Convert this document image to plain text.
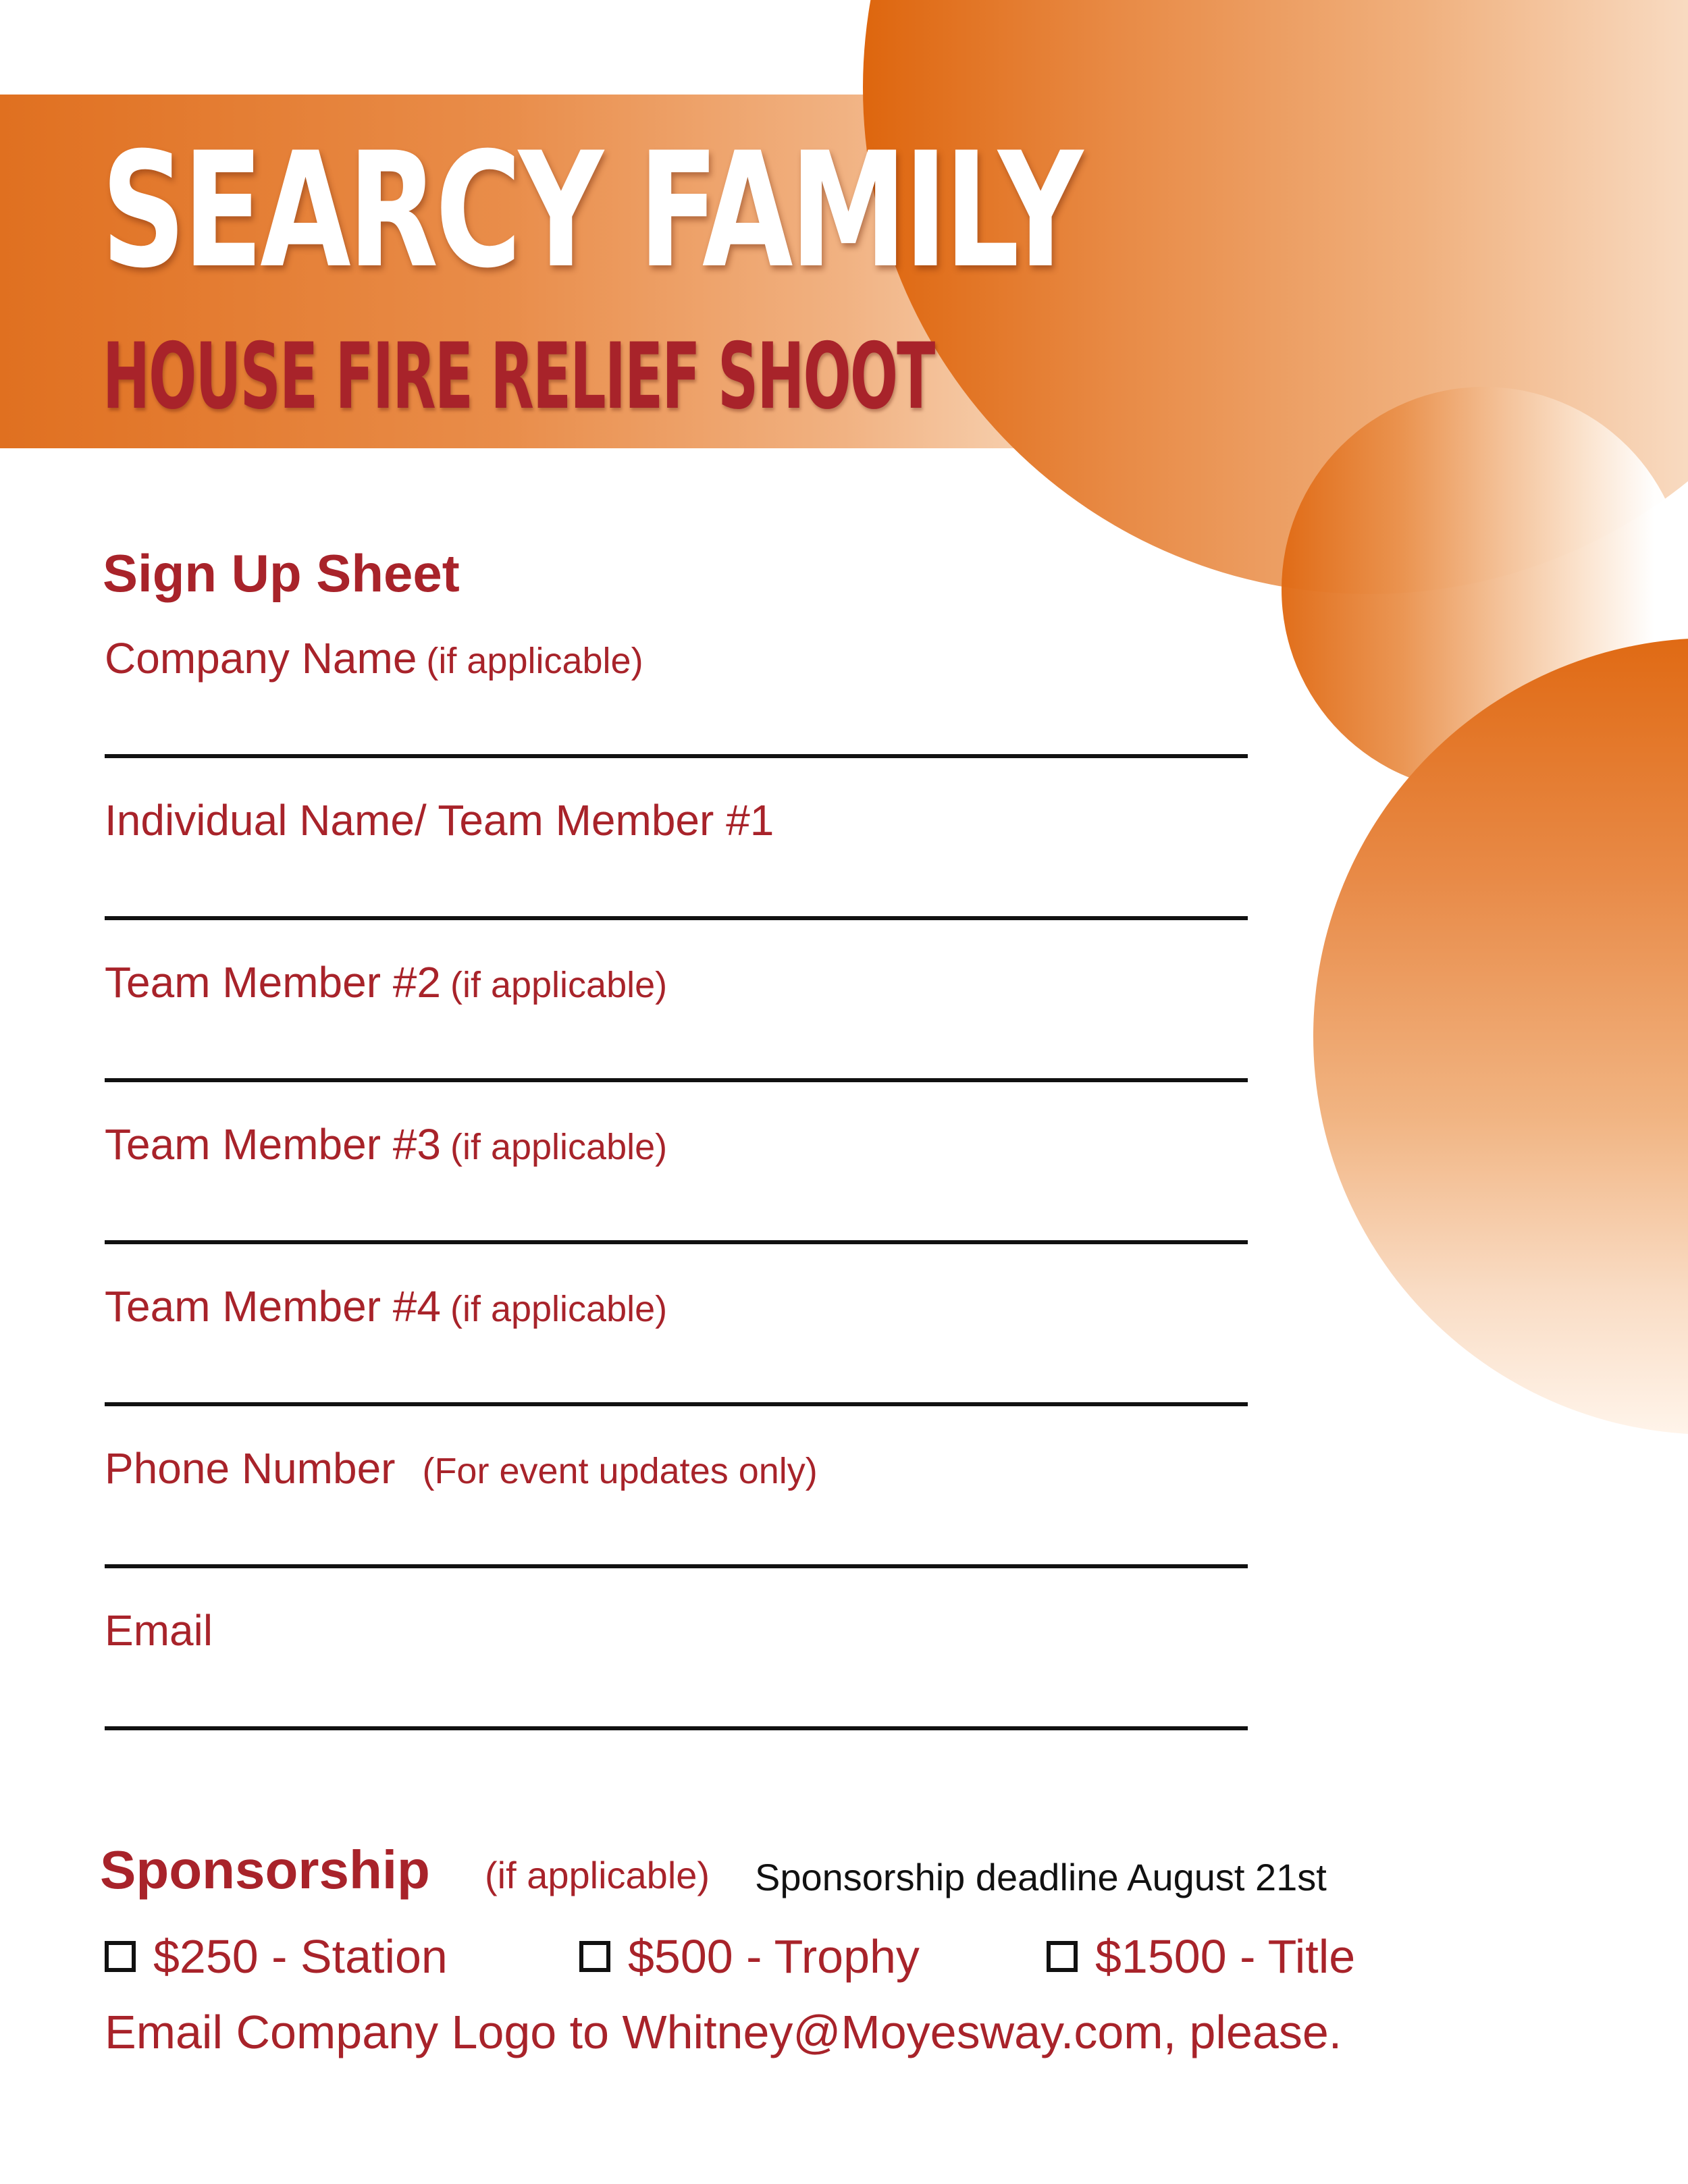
SEARCY FAMILY
HOUSE FIRE RELIEF SHOOT
Sign Up Sheet
Company Name (if applicable)
Individual Name/ Team Member #1
Team Member #2 (if applicable)
Team Member #3 (if applicable)
Team Member #4 (if applicable)
Phone Number (For event updates only)
Email
Sponsorship (if applicable) Sponsorship deadline August 21st
$250 - Station	$500 - Trophy	$1500 - Title
Email Company Logo to Whitney@Moyesway.com, please.
